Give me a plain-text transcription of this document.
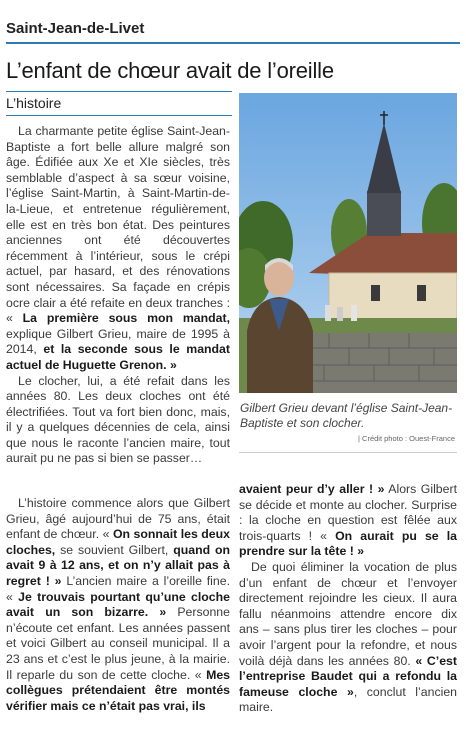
Saint-Jean-de-Livet
L’enfant de chœur avait de l’oreille
L’histoire

La charmante petite église Saint-Jean-Baptiste a fort belle allure malgré son âge. Édifiée aux Xe et XIe siècles, très semblable d’aspect à sa sœur voisine, l’église Saint-Martin, à Saint-Martin-de-la-Lieue, et entretenue régulièrement, elle est en très bon état. Des peintures anciennes ont été découvertes récemment à l’intérieur, sous le crépi actuel, par hasard, et des rénovations sont nécessaires. Sa façade en crépis ocre clair a été refaite en deux tranches : « La première sous mon mandat, explique Gilbert Grieu, maire de 1995 à 2014, et la seconde sous le mandat actuel de Huguette Grenon. »

Le clocher, lui, a été refait dans les années 80. Les deux cloches ont été électrifiées. Tout va fort bien donc, mais, il y a quelques décennies de cela, ainsi que nous le raconte l’ancien maire, tout aurait pu ne pas si bien se passer…

L’histoire commence alors que Gilbert Grieu, âgé aujourd’hui de 75 ans, était enfant de chœur. « On sonnait les deux cloches, se souvient Gilbert, quand on avait 9 à 12 ans, et on n’y allait pas à regret ! » L’ancien maire a l’oreille fine. « Je trouvais pourtant qu’une cloche avait un son bizarre. » Personne n’écoute cet enfant. Les années passent et voici Gilbert au conseil municipal. Il a 23 ans et c’est le plus jeune, à la mairie. Il reparle du son de cette cloche. « Mes collègues prétendaient être montés vérifier mais ce n’était pas vrai, ils

Gilbert Grieu devant l’église Saint-Jean-Baptiste et son clocher.
| Crédit photo : Ouest-France

avaient peur d’y aller ! » Alors Gilbert se décide et monte au clocher. Surprise : la cloche en question est fêlée aux trois-quarts ! « On aurait pu se la prendre sur la tête ! »

De quoi éliminer la vocation de plus d’un enfant de chœur et l’envoyer directement rejoindre les cieux. Il aura fallu néanmoins attendre encore dix ans – sans plus tirer les cloches – pour avoir l’argent pour la refondre, et nous voilà déjà dans les années 80. « C’est l’entreprise Baudet qui a refondu la fameuse cloche », conclut l’ancien maire.
